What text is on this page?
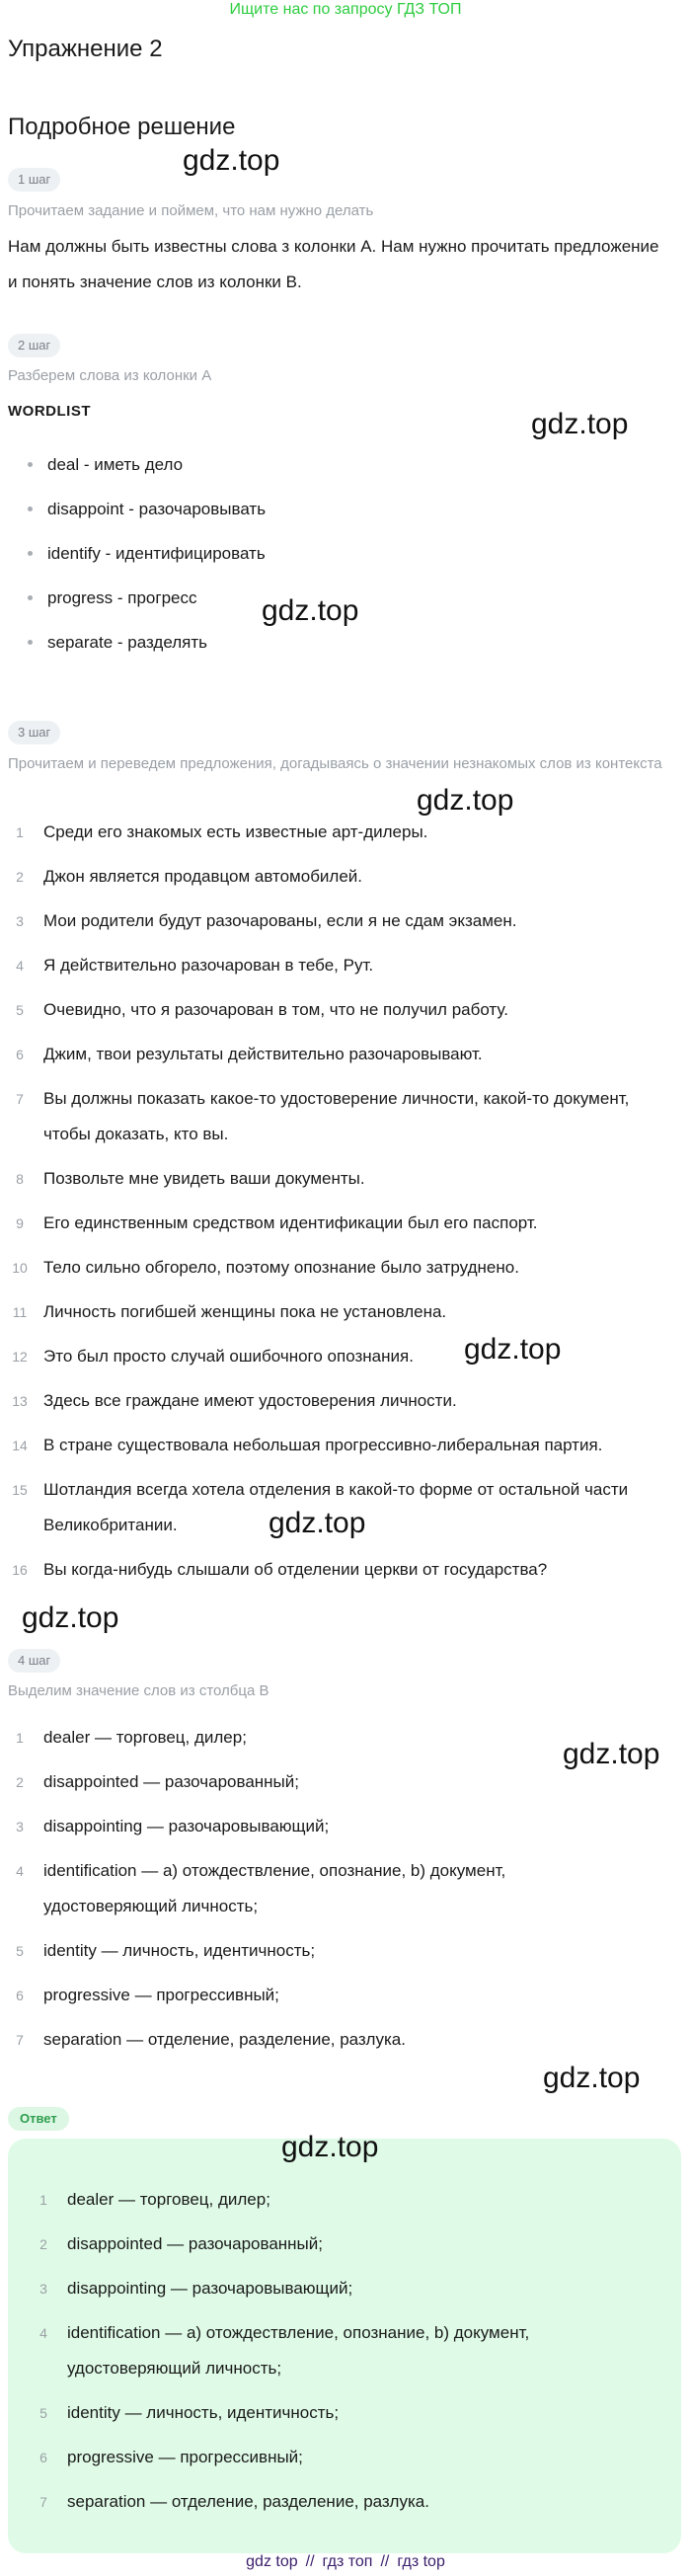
Ищите нас по запросу ГДЗ ТОП
Упражнение 2
Подробное решение
1 шаг
Прочитаем задание и поймем, что нам нужно делать

Нам должны быть известны слова з колонки А. Нам нужно прочитать предложение и понять значение слов из колонки В.

2 шаг
Разберем слова из колонки А
WORDLIST
deal - иметь дело
disappoint - разочаровывать
identify - идентифицировать
progress - прогресс
separate - разделять
3 шаг
Прочитаем и переведем предложения, догадываясь о значении незнакомых слов из контекста
1	Среди его знакомых есть известные арт-дилеры.
2	Джон является продавцом автомобилей.
3	Мои родители будут разочарованы, если я не сдам экзамен.
4	Я действительно разочарован в тебе, Рут.
5	Очевидно, что я разочарован в том, что не получил работу.
6	Джим, твои результаты действительно разочаровывают.
7	Вы должны показать какое-то удостоверение личности, какой-то документ, чтобы доказать, кто вы.
8	Позвольте мне увидеть ваши документы.
9	Его единственным средством идентификации был его паспорт.
10 Тело сильно обгорело, поэтому опознание было затруднено.
11 Личность погибшей женщины пока не установлена.
12 Это был просто случай ошибочного опознания.
13 Здесь все граждане имеют удостоверения личности.
14 В стране существовала небольшая прогрессивно-либеральная партия.
15 Шотландия всегда хотела отделения в какой-то форме от остальной части Великобритании.
16 Вы когда-нибудь слышали об отделении церкви от государства?
4 шаг
Выделим значение слов из столбца В
1	dealer — торговец, дилер;
2	disappointed — разочарованный;
3	disappointing — разочаровывающий;
4	identification — a) отождествление, опознание, b) документ, удостоверяющий личность;
5	identity — личность, идентичность;
6	progressive — прогрессивный;
7	separation — отделение, разделение, разлука.
Ответ
1	dealer — торговец, дилер;
2	disappointed — разочарованный;
3	disappointing — разочаровывающий;
4	identification — a) отождествление, опознание, b) документ, удостоверяющий личность;
5	identity — личность, идентичность;
6	progressive — прогрессивный;
7	separation — отделение, разделение, разлука.
gdz.top
gdz.top
gdz.top
gdz.top
gdz.top
gdz.top
gdz.top
gdz.top
gdz.top
gdz.top
gdz top // гдз топ // гдз top
